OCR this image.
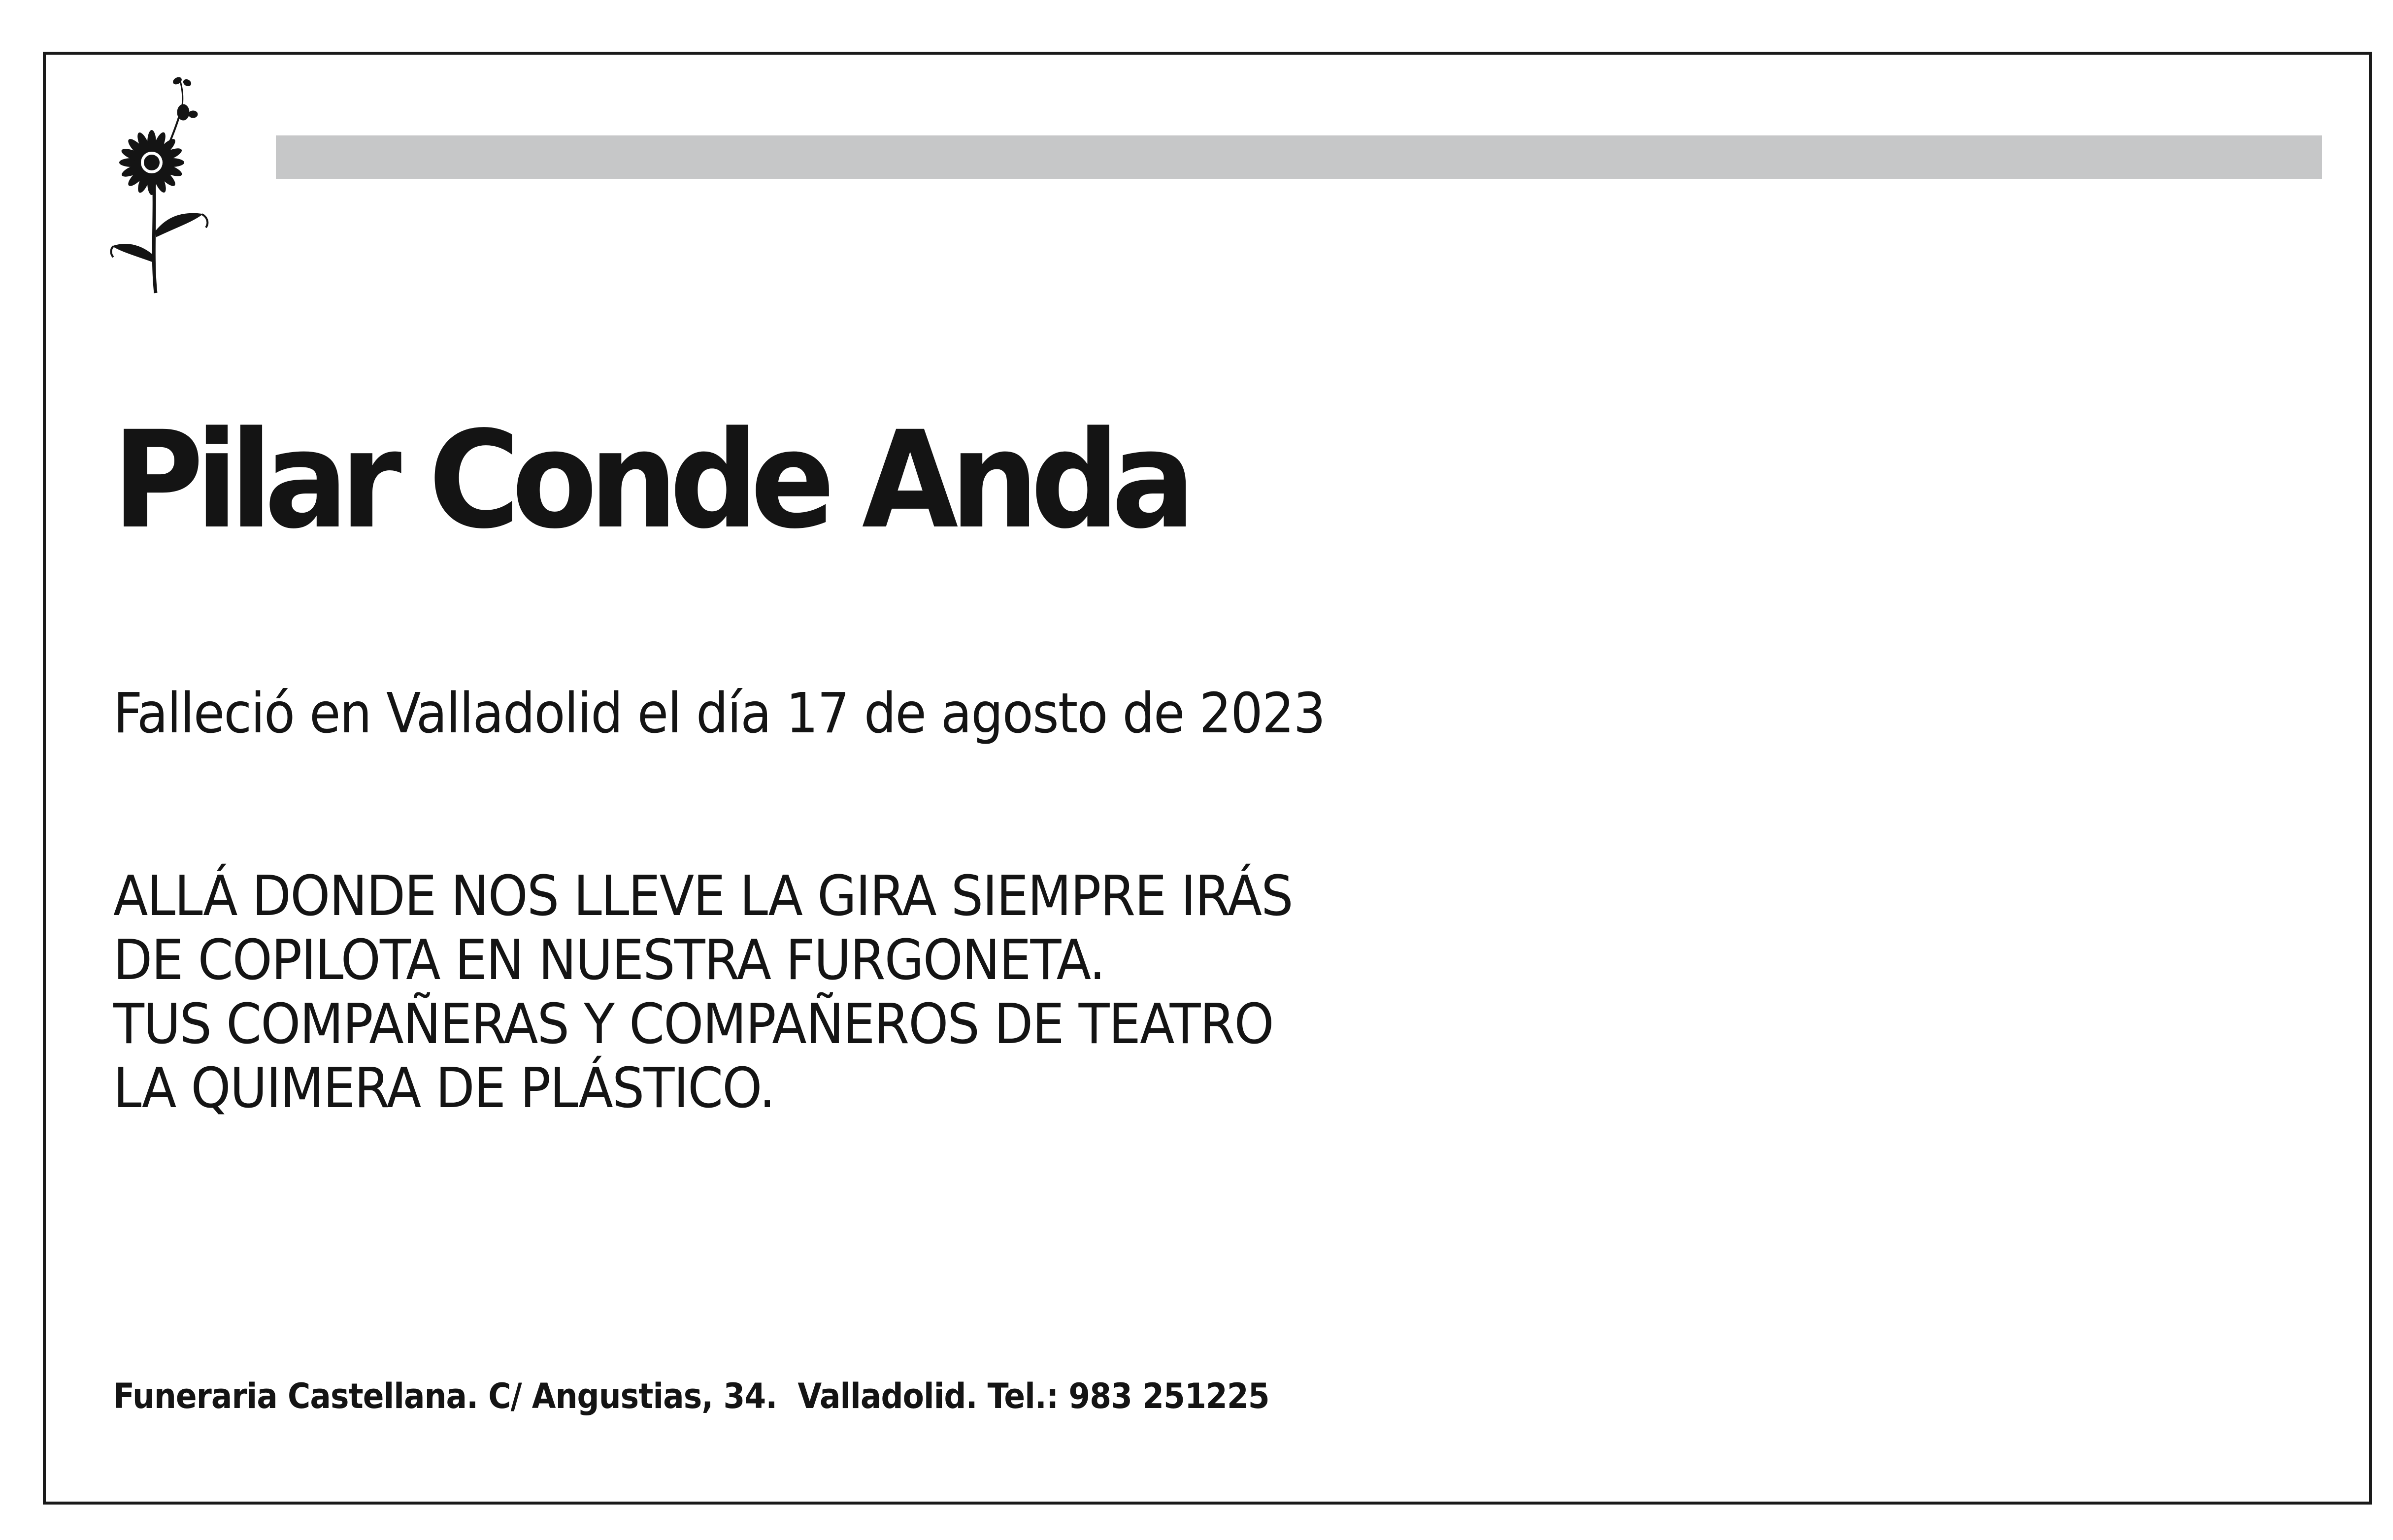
Pilar Conde Anda
Falleció en Valladolid el día 17 de agosto de 2023
ALLÁ DONDE NOS LLEVE LA GIRA SIEMPRE IRÁS
DE COPILOTA EN NUESTRA FURGONETA.
TUS COMPAÑERAS Y COMPAÑEROS DE TEATRO
LA QUIMERA DE PLÁSTICO.
Funeraria Castellana. C/ Angustias, 34.  Valladolid. Tel.: 983 251225
